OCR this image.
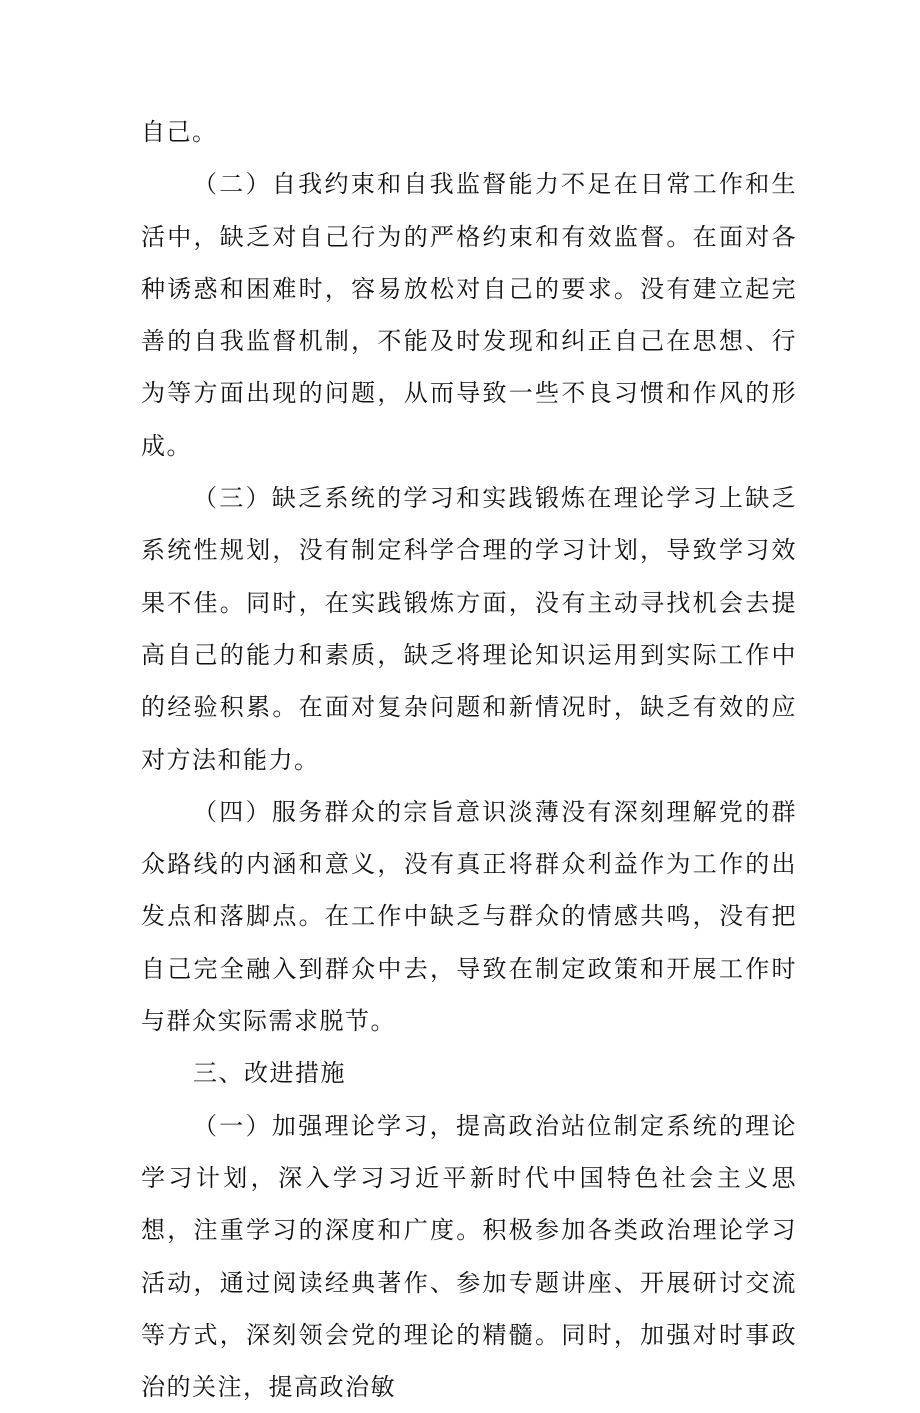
自己。

（二）自我约束和自我监督能力不足在日常工作和生活中，缺乏对自己行为的严格约束和有效监督。在面对各种诱惑和困难时，容易放松对自己的要求。没有建立起完善的自我监督机制，不能及时发现和纠正自己在思想、行为等方面出现的问题，从而导致一些不良习惯和作风的形成。

（三）缺乏系统的学习和实践锻炼在理论学习上缺乏系统性规划，没有制定科学合理的学习计划，导致学习效果不佳。同时，在实践锻炼方面，没有主动寻找机会去提高自己的能力和素质，缺乏将理论知识运用到实际工作中的经验积累。在面对复杂问题和新情况时，缺乏有效的应对方法和能力。

（四）服务群众的宗旨意识淡薄没有深刻理解党的群众路线的内涵和意义，没有真正将群众利益作为工作的出发点和落脚点。在工作中缺乏与群众的情感共鸣，没有把自己完全融入到群众中去，导致在制定政策和开展工作时与群众实际需求脱节。

三、改进措施

（一）加强理论学习，提高政治站位制定系统的理论学习计划，深入学习习近平新时代中国特色社会主义思想，注重学习的深度和广度。积极参加各类政治理论学习活动，通过阅读经典著作、参加专题讲座、开展研讨交流等方式，深刻领会党的理论的精髓。同时，加强对时事政治的关注，提高政治敏
